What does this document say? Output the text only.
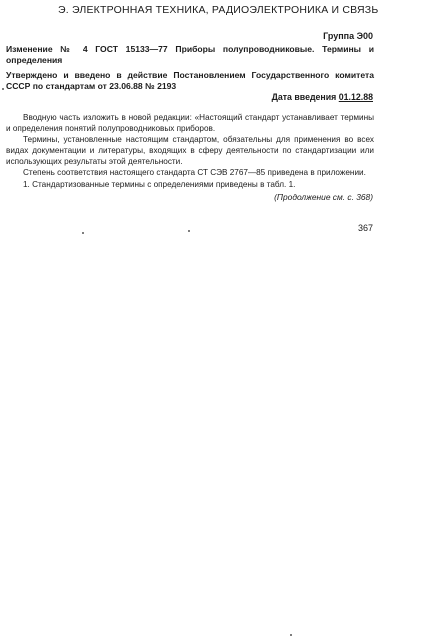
Э. ЭЛЕКТРОННАЯ ТЕХНИКА, РАДИОЭЛЕКТРОНИКА И СВЯЗЬ
Группа Э00
Изменение № 4 ГОСТ 15133—77 Приборы полупроводниковые. Термины и определения
Утверждено и введено в действие Постановлением Государственного комитета СССР по стандартам от 23.06.88 № 2193
Дата введения 01.12.88

Вводную часть изложить в новой редакции: «Настоящий стандарт устанавливает термины и определения понятий полупроводниковых приборов.

Термины, установленные настоящим стандартом, обязательны для применения во всех видах документации и литературы, входящих в сферу деятельности по стандартизации или использующих результаты этой деятельности.

Степень соответствия настоящего стандарта СТ СЭВ 2767—85 приведена в приложении.

1. Стандартизованные термины с определениями приведены в табл. 1.

(Продолжение см. с. 368)
367
